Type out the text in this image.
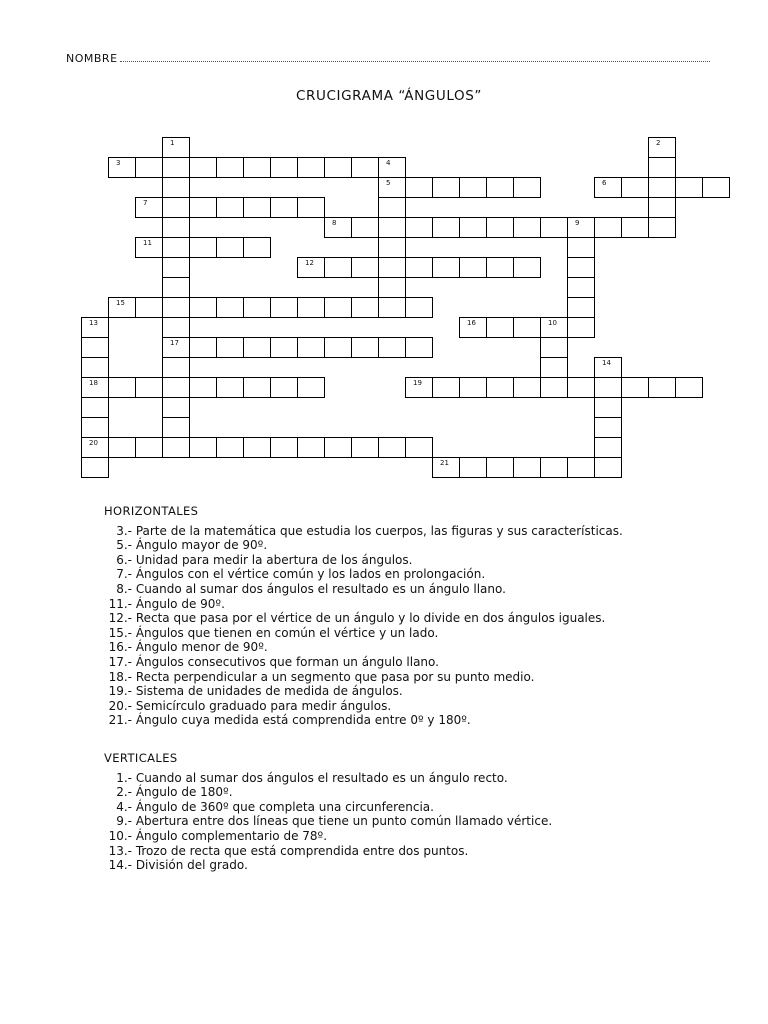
NOMBRE
CRUCIGRAMA “ÁNGULOS”
1
17
2
3	4
5	6
7
8	9
11
12
15
13
18
20
16	10
14
19
21
HORIZONTALES
3.- Parte de la matemática que estudia los cuerpos, las figuras y sus características.
5.- Ángulo mayor de 90º.
6.- Unidad para medir la abertura de los ángulos.
7.- Ángulos con el vértice común y los lados en prolongación.
8.- Cuando al sumar dos ángulos el resultado es un ángulo llano.
11.- Ángulo de 90º.
12.- Recta que pasa por el vértice de un ángulo y lo divide en dos ángulos iguales.
15.- Ángulos que tienen en común el vértice y un lado.
16.- Ángulo menor de 90º.
17.- Ángulos consecutivos que forman un ángulo llano.
18.- Recta perpendicular a un segmento que pasa por su punto medio.
19.- Sistema de unidades de medida de ángulos.
20.- Semicírculo graduado para medir ángulos.
21.- Ángulo cuya medida está comprendida entre 0º y 180º.
VERTICALES
1.- Cuando al sumar dos ángulos el resultado es un ángulo recto.
2.- Ángulo de 180º.
4.- Ángulo de 360º que completa una circunferencia.
9.- Abertura entre dos líneas que tiene un punto común llamado vértice.
10.- Ángulo complementario de 78º.
13.- Trozo de recta que está comprendida entre dos puntos.
14.- División del grado.
